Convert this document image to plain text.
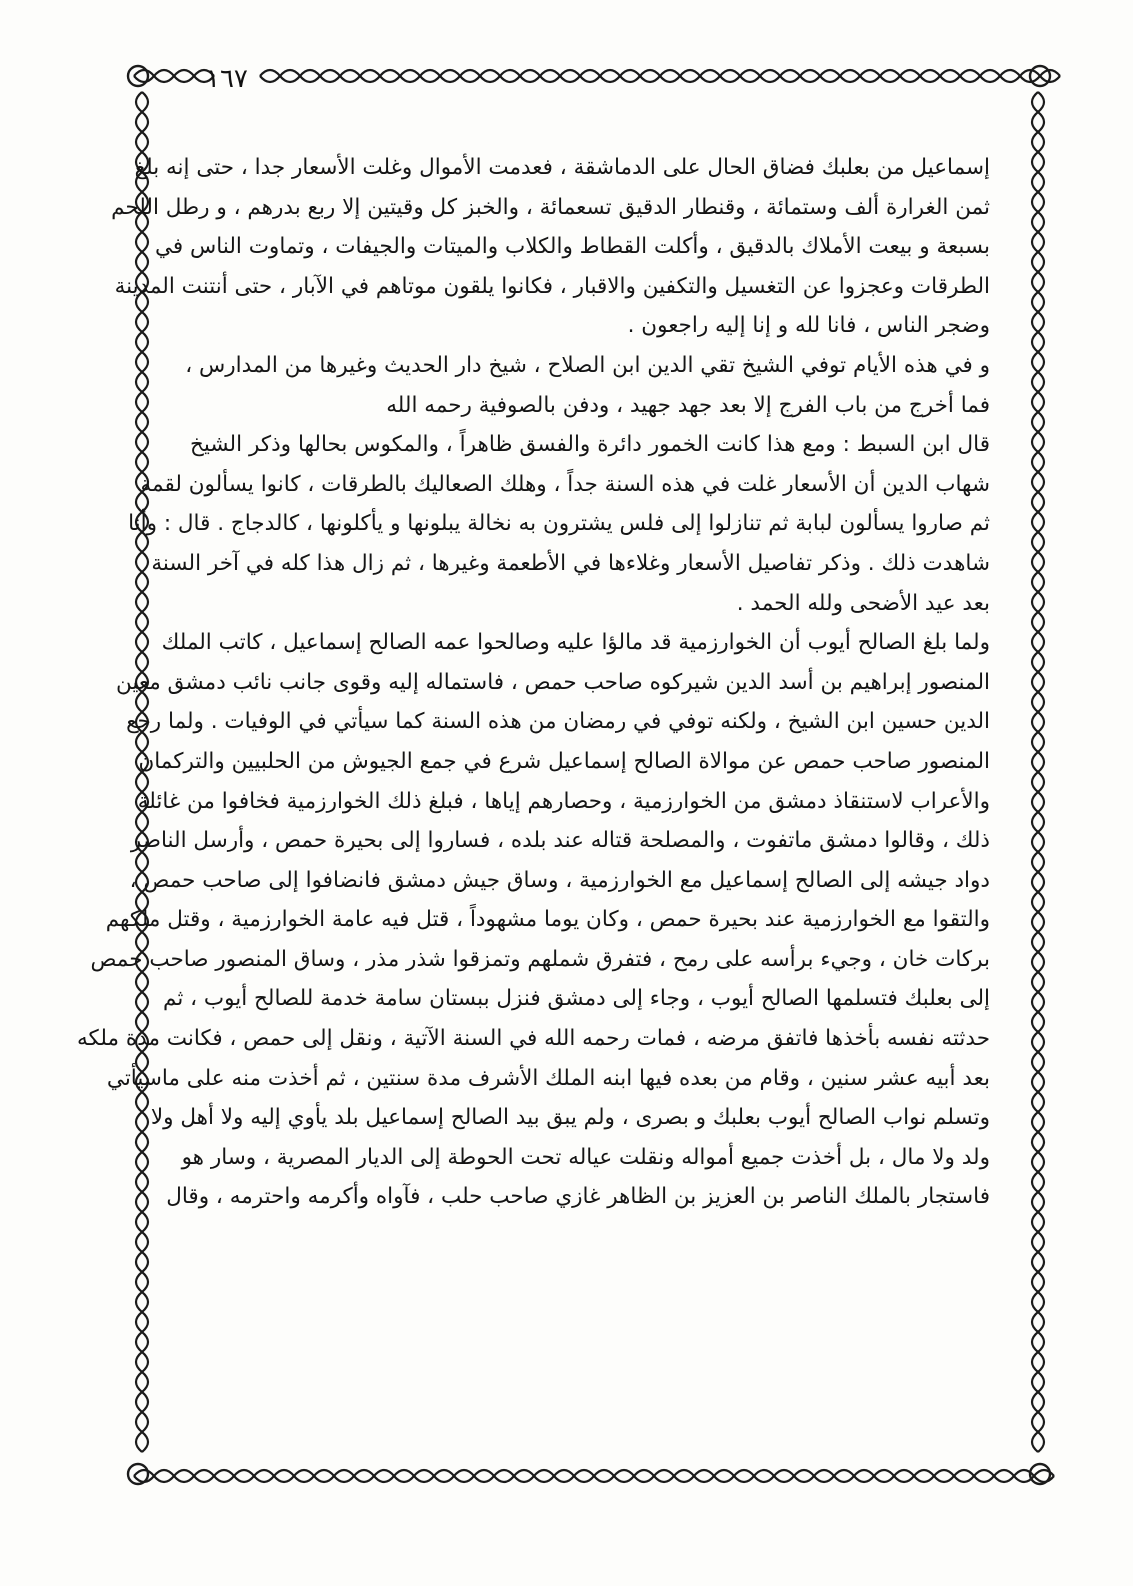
١٦٧
إسماعيل من بعلبك فضاق الحال على الدماشقة ، فعدمت الأموال وغلت الأسعار جدا ، حتى إنه بلغ
ثمن الغرارة ألف وستمائة ، وقنطار الدقيق تسعمائة ، والخبز كل وقيتين إلا ربع بدرهم ، و رطل اللحم
بسبعة و بيعت الأملاك بالدقيق ، وأكلت القطاط والكلاب والميتات والجيفات ، وتماوت الناس في
الطرقات وعجزوا عن التغسيل والتكفين والاقبار ، فكانوا يلقون موتاهم في الآبار ، حتى أنتنت المدينة
وضجر الناس ، فانا لله و إنا إليه راجعون .
و في هذه الأيام توفي الشيخ تقي الدين ابن الصلاح ، شيخ دار الحديث وغيرها من المدارس ،
فما أخرج من باب الفرج إلا بعد جهد جهيد ، ودفن بالصوفية رحمه الله
قال ابن السبط : ومع هذا كانت الخمور دائرة والفسق ظاهراً ، والمكوس بحالها وذكر الشيخ
شهاب الدين أن الأسعار غلت في هذه السنة جداً ، وهلك الصعاليك بالطرقات ، كانوا يسألون لقمة
ثم صاروا يسألون لبابة ثم تنازلوا إلى فلس يشترون به نخالة يبلونها و يأكلونها ، كالدجاج . قال : وأنا
شاهدت ذلك . وذكر تفاصيل الأسعار وغلاءها في الأطعمة وغيرها ، ثم زال هذا كله في آخر السنة
بعد عيد الأضحى ولله الحمد .
ولما بلغ الصالح أيوب أن الخوارزمية قد مالؤا عليه وصالحوا عمه الصالح إسماعيل ، كاتب الملك
المنصور إبراهيم بن أسد الدين شيركوه صاحب حمص ، فاستماله إليه وقوى جانب نائب دمشق معين
الدين حسين ابن الشيخ ، ولكنه توفي في رمضان من هذه السنة كما سيأتي في الوفيات . ولما رجع
المنصور صاحب حمص عن موالاة الصالح إسماعيل شرع في جمع الجيوش من الحلبيين والتركمان
والأعراب لاستنقاذ دمشق من الخوارزمية ، وحصارهم إياها ، فبلغ ذلك الخوارزمية فخافوا من غائلة
ذلك ، وقالوا دمشق ماتفوت ، والمصلحة قتاله عند بلده ، فساروا إلى بحيرة حمص ، وأرسل الناصر
دواد جيشه إلى الصالح إسماعيل مع الخوارزمية ، وساق جيش دمشق فانضافوا إلى صاحب حمص ،
والتقوا مع الخوارزمية عند بحيرة حمص ، وكان يوما مشهوداً ، قتل فيه عامة الخوارزمية ، وقتل ملكهم
بركات خان ، وجيء برأسه على رمح ، فتفرق شملهم وتمزقوا شذر مذر ، وساق المنصور صاحب حمص
إلى بعلبك فتسلمها الصالح أيوب ، وجاء إلى دمشق فنزل ببستان سامة خدمة للصالح أيوب ، ثم
حدثته نفسه بأخذها فاتفق مرضه ، فمات رحمه الله في السنة الآتية ، ونقل إلى حمص ، فكانت مدة ملكه
بعد أبيه عشر سنين ، وقام من بعده فيها ابنه الملك الأشرف مدة سنتين ، ثم أخذت منه على ماسيأتي
وتسلم نواب الصالح أيوب بعلبك و بصرى ، ولم يبق بيد الصالح إسماعيل بلد يأوي إليه ولا أهل ولا
ولد ولا مال ، بل أخذت جميع أمواله ونقلت عياله تحت الحوطة إلى الديار المصرية ، وسار هو
فاستجار بالملك الناصر بن العزيز بن الظاهر غازي صاحب حلب ، فآواه وأكرمه واحترمه ، وقال
